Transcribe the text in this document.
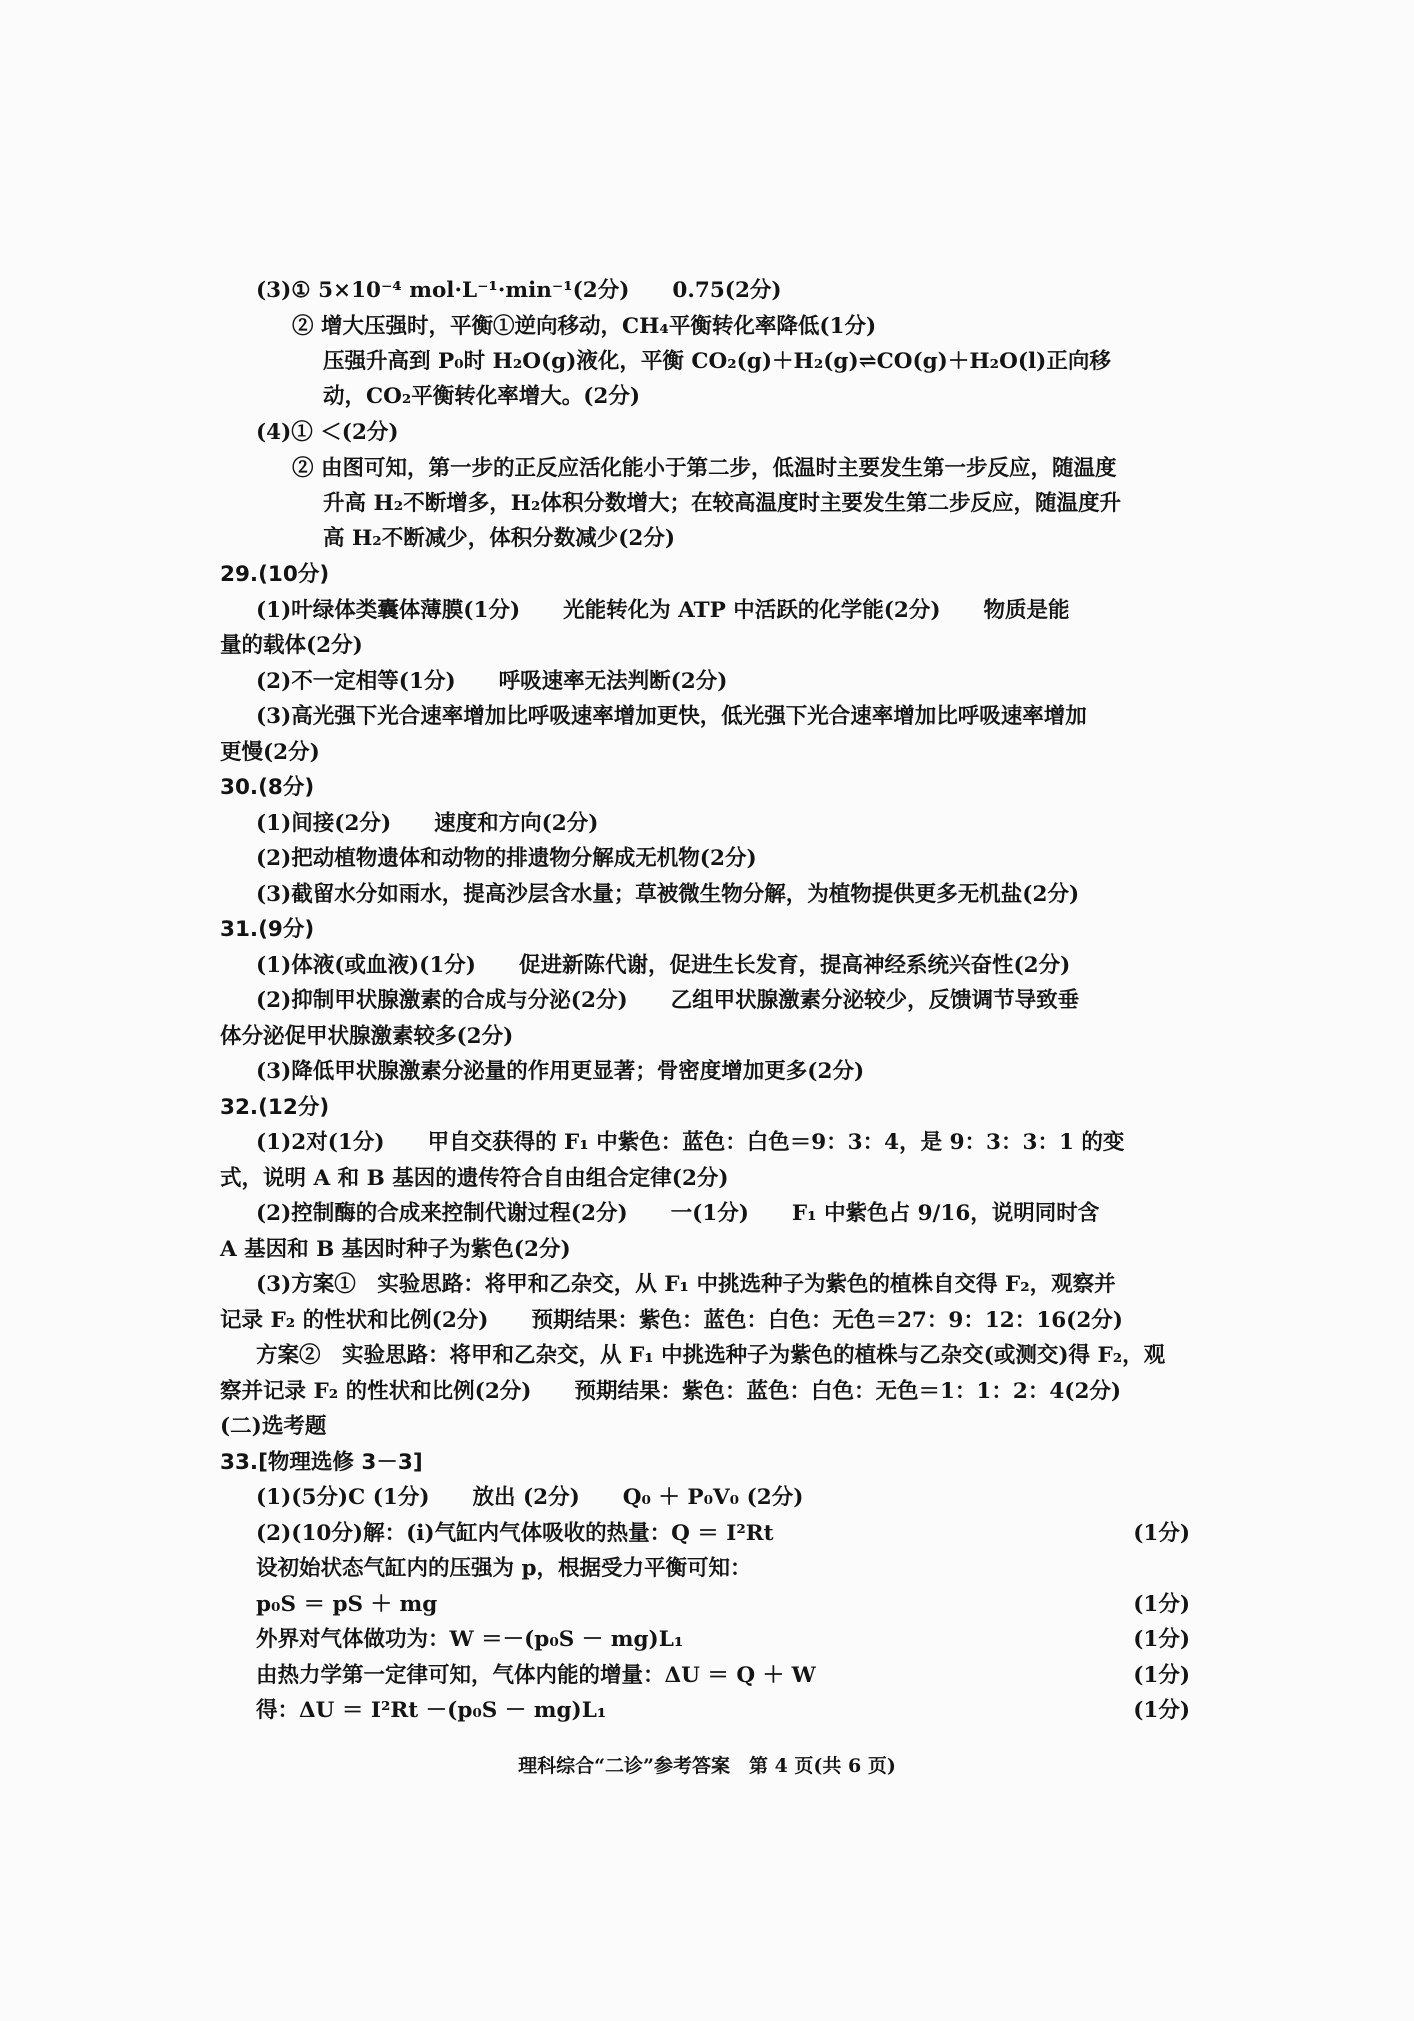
(3)① 5×10⁻⁴ mol·L⁻¹·min⁻¹(2分)　　0.75(2分)
② 增大压强时，平衡①逆向移动，CH₄平衡转化率降低(1分)
压强升高到 P₀时 H₂O(g)液化，平衡 CO₂(g)＋H₂(g)⇌CO(g)＋H₂O(l)正向移
动，CO₂平衡转化率增大。(2分)
(4)① ＜(2分)
② 由图可知，第一步的正反应活化能小于第二步，低温时主要发生第一步反应，随温度
升高 H₂不断增多，H₂体积分数增大；在较高温度时主要发生第二步反应，随温度升
高 H₂不断减少，体积分数减少(2分)
29.(10分)
(1)叶绿体类囊体薄膜(1分)　　光能转化为 ATP 中活跃的化学能(2分)　　物质是能
量的载体(2分)
(2)不一定相等(1分)　　呼吸速率无法判断(2分)
(3)高光强下光合速率增加比呼吸速率增加更快，低光强下光合速率增加比呼吸速率增加
更慢(2分)
30.(8分)
(1)间接(2分)　　速度和方向(2分)
(2)把动植物遗体和动物的排遗物分解成无机物(2分)
(3)截留水分如雨水，提高沙层含水量；草被微生物分解，为植物提供更多无机盐(2分)
31.(9分)
(1)体液(或血液)(1分)　　促进新陈代谢，促进生长发育，提高神经系统兴奋性(2分)
(2)抑制甲状腺激素的合成与分泌(2分)　　乙组甲状腺激素分泌较少，反馈调节导致垂
体分泌促甲状腺激素较多(2分)
(3)降低甲状腺激素分泌量的作用更显著；骨密度增加更多(2分)
32.(12分)
(1)2对(1分)　　甲自交获得的 F₁ 中紫色：蓝色：白色＝9：3：4，是 9：3：3：1 的变
式，说明 A 和 B 基因的遗传符合自由组合定律(2分)
(2)控制酶的合成来控制代谢过程(2分)　　一(1分)　　F₁ 中紫色占 9/16，说明同时含
A 基因和 B 基因时种子为紫色(2分)
(3)方案①　实验思路：将甲和乙杂交，从 F₁ 中挑选种子为紫色的植株自交得 F₂，观察并
记录 F₂ 的性状和比例(2分)　　预期结果：紫色：蓝色：白色：无色＝27：9：12：16(2分)
方案②　实验思路：将甲和乙杂交，从 F₁ 中挑选种子为紫色的植株与乙杂交(或测交)得 F₂，观
察并记录 F₂ 的性状和比例(2分)　　预期结果：紫色：蓝色：白色：无色＝1：1：2：4(2分)
(二)选考题
33.[物理选修 3－3]
(1)(5分)C (1分)　　放出 (2分)　　Q₀ ＋ P₀V₀ (2分)
(2)(10分)解：(i)气缸内气体吸收的热量：Q ＝ I²Rt	(1分)
设初始状态气缸内的压强为 p，根据受力平衡可知：
p₀S ＝ pS ＋ mg	(1分)
外界对气体做功为：W ＝－(p₀S － mg)L₁	(1分)
由热力学第一定律可知，气体内能的增量：ΔU ＝ Q ＋ W	(1分)
得：ΔU ＝ I²Rt －(p₀S － mg)L₁	(1分)
理科综合“二诊”参考答案　第 4 页(共 6 页)
